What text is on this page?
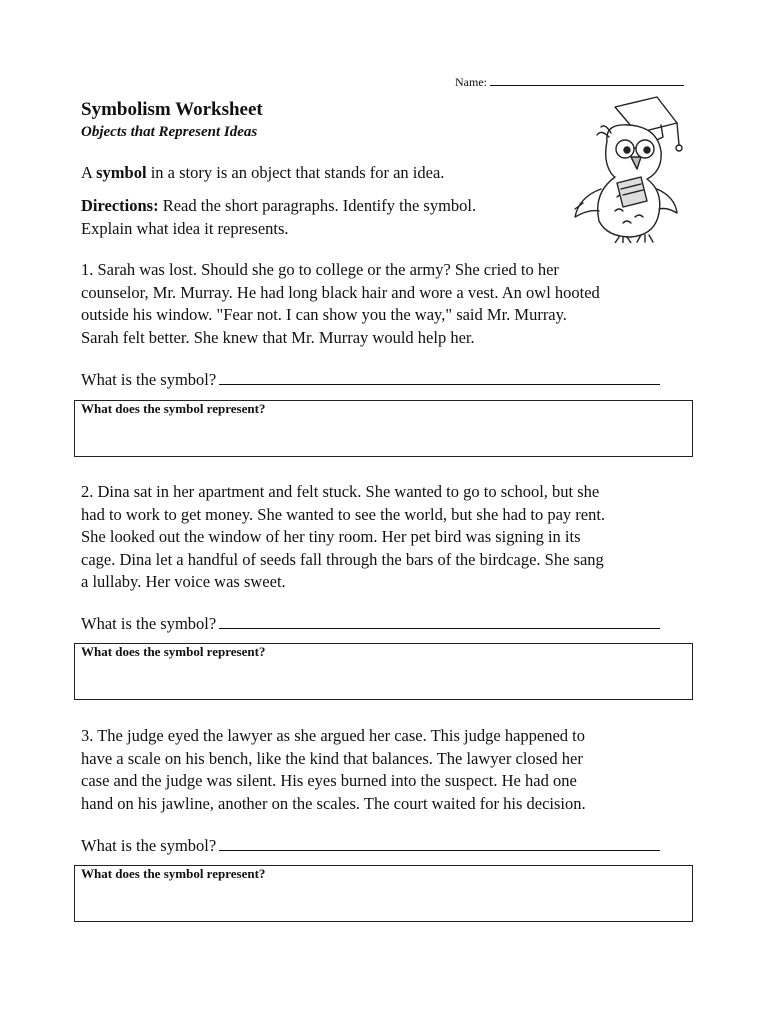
Name:
Symbolism Worksheet
Objects that Represent Ideas
A symbol in a story is an object that stands for an idea.
Directions: Read the short paragraphs. Identify the symbol. Explain what idea it represents.
1. Sarah was lost. Should she go to college or the army? She cried to her
counselor, Mr. Murray. He had long black hair and wore a vest. An owl hooted
outside his window. "Fear not. I can show you the way," said Mr. Murray.
Sarah felt better. She knew that Mr. Murray would help her.
What is the symbol?
What does the symbol represent?
2. Dina sat in her apartment and felt stuck. She wanted to go to school, but she
had to work to get money. She wanted to see the world, but she had to pay rent.
She looked out the window of her tiny room. Her pet bird was signing in its
cage. Dina let a handful of seeds fall through the bars of the birdcage. She sang
a lullaby. Her voice was sweet.
What is the symbol?
What does the symbol represent?
3. The judge eyed the lawyer as she argued her case. This judge happened to
have a scale on his bench, like the kind that balances. The lawyer closed her
case and the judge was silent. His eyes burned into the suspect. He had one
hand on his jawline, another on the scales. The court waited for his decision.
What is the symbol?
What does the symbol represent?
